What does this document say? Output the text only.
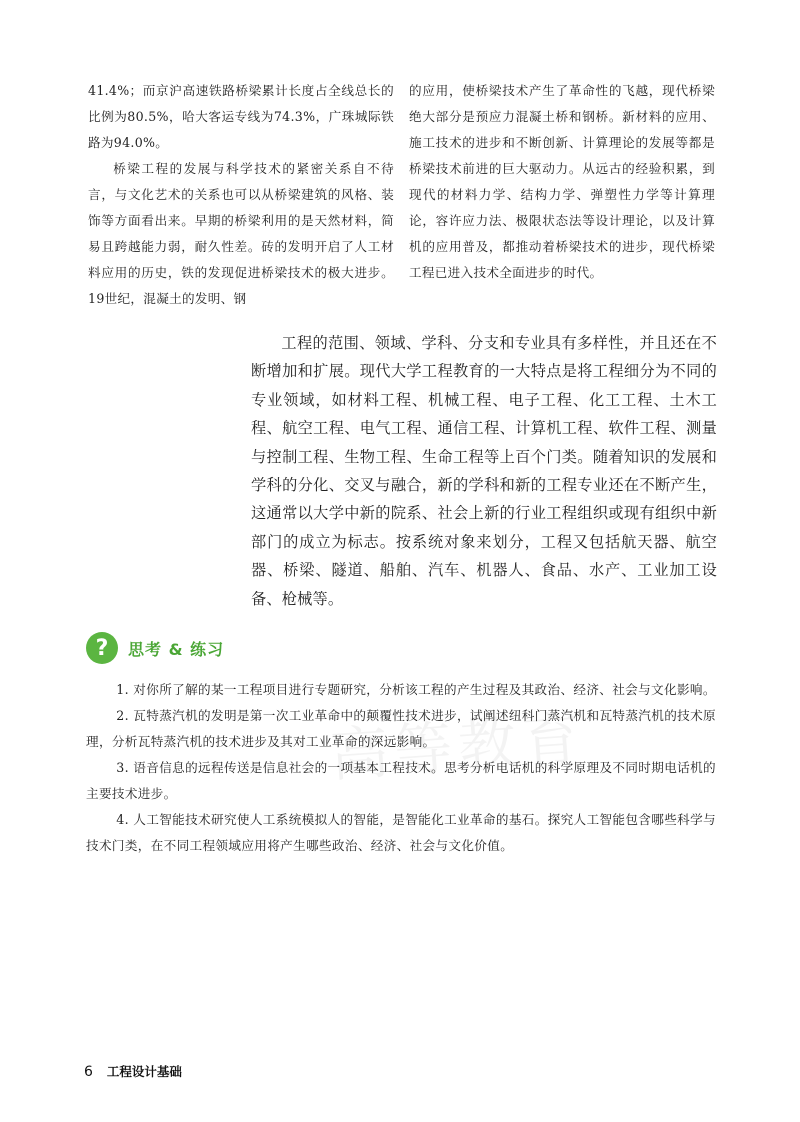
41.4%；而京沪高速铁路桥梁累计长度占全线总长的比例为80.5%，哈大客运专线为74.3%，广珠城际铁路为94.0%。

桥梁工程的发展与科学技术的紧密关系自不待言，与文化艺术的关系也可以从桥梁建筑的风格、装饰等方面看出来。早期的桥梁利用的是天然材料，简易且跨越能力弱，耐久性差。砖的发明开启了人工材料应用的历史，铁的发现促进桥梁技术的极大进步。19世纪，混凝土的发明、钢

的应用，使桥梁技术产生了革命性的飞越，现代桥梁绝大部分是预应力混凝土桥和钢桥。新材料的应用、施工技术的进步和不断创新、计算理论的发展等都是桥梁技术前进的巨大驱动力。从远古的经验积累，到现代的材料力学、结构力学、弹塑性力学等计算理论，容许应力法、极限状态法等设计理论，以及计算机的应用普及，都推动着桥梁技术的进步，现代桥梁工程已进入技术全面进步的时代。

工程的范围、领域、学科、分支和专业具有多样性，并且还在不断增加和扩展。现代大学工程教育的一大特点是将工程细分为不同的专业领域，如材料工程、机械工程、电子工程、化工工程、土木工程、航空工程、电气工程、通信工程、计算机工程、软件工程、测量与控制工程、生物工程、生命工程等上百个门类。随着知识的发展和学科的分化、交叉与融合，新的学科和新的工程专业还在不断产生，这通常以大学中新的院系、社会上新的行业工程组织或现有组织中新部门的成立为标志。按系统对象来划分，工程又包括航天器、航空器、桥梁、隧道、船舶、汽车、机器人、食品、水产、工业加工设备、枪械等。

?	思考 & 练习

1. 对你所了解的某一工程项目进行专题研究，分析该工程的产生过程及其政治、经济、社会与文化影响。

2. 瓦特蒸汽机的发明是第一次工业革命中的颠覆性技术进步，试阐述纽科门蒸汽机和瓦特蒸汽机的技术原理，分析瓦特蒸汽机的技术进步及其对工业革命的深远影响。

3. 语音信息的远程传送是信息社会的一项基本工程技术。思考分析电话机的科学原理及不同时期电话机的主要技术进步。

4. 人工智能技术研究使人工系统模拟人的智能，是智能化工业革命的基石。探究人工智能包含哪些科学与技术门类，在不同工程领域应用将产生哪些政治、经济、社会与文化价值。

6 工程设计基础
